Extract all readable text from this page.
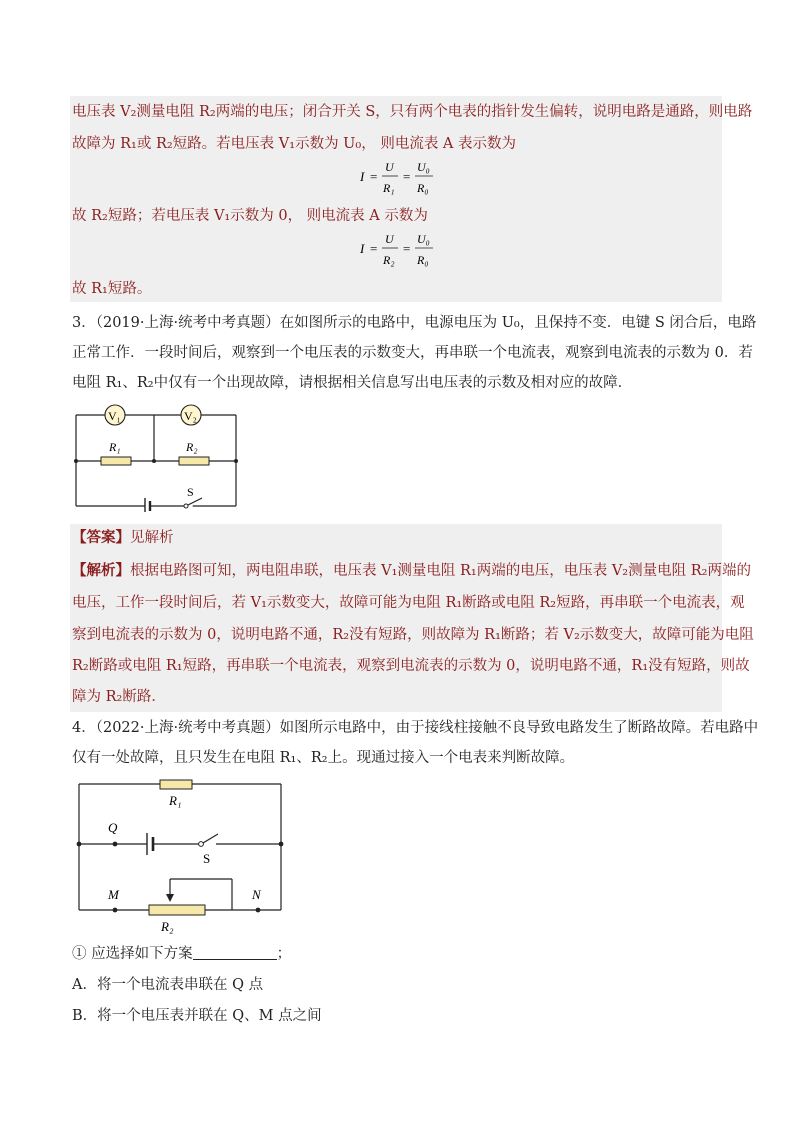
电压表 V₂测量电阻 R₂两端的电压；闭合开关 S，只有两个电表的指针发生偏转，说明电路是通路，则电路
故障为 R₁或 R₂短路。若电压表 V₁示数为 U₀， 则电流表 A 表示数为
I =
U
R₁
=
U₀
R₀
故 R₂短路；若电压表 V₁示数为 0， 则电流表 A 示数为
I =
U
R₂
=
U₀
R₀
故 R₁短路。
3．（2019·上海·统考中考真题）在如图所示的电路中，电源电压为 U₀，且保持不变．电键 S 闭合后，电路
正常工作．一段时间后，观察到一个电压表的示数变大，再串联一个电流表，观察到电流表的示数为 0．若
电阻 R₁、R₂中仅有一个出现故障，请根据相关信息写出电压表的示数及相对应的故障．
V₁	V₂
R₁	R₂
S
【答案】见解析
【解析】根据电路图可知，两电阻串联，电压表 V₁测量电阻 R₁两端的电压，电压表 V₂测量电阻 R₂两端的
电压，工作一段时间后，若 V₁示数变大，故障可能为电阻 R₁断路或电阻 R₂短路，再串联一个电流表，观
察到电流表的示数为 0，说明电路不通，R₂没有短路，则故障为 R₁断路；若 V₂示数变大，故障可能为电阻
R₂断路或电阻 R₁短路，再串联一个电流表，观察到电流表的示数为 0，说明电路不通，R₁没有短路，则故
障为 R₂断路．
4．（2022·上海·统考中考真题）如图所示电路中，由于接线柱接触不良导致电路发生了断路故障。若电路中
仅有一处故障，且只发生在电阻 R₁、R₂上。现通过接入一个电表来判断故障。
R₁
R₂
S
Q
M	N
① 应选择如下方案	；
A．将一个电流表串联在 Q 点
B．将一个电压表并联在 Q、M 点之间
